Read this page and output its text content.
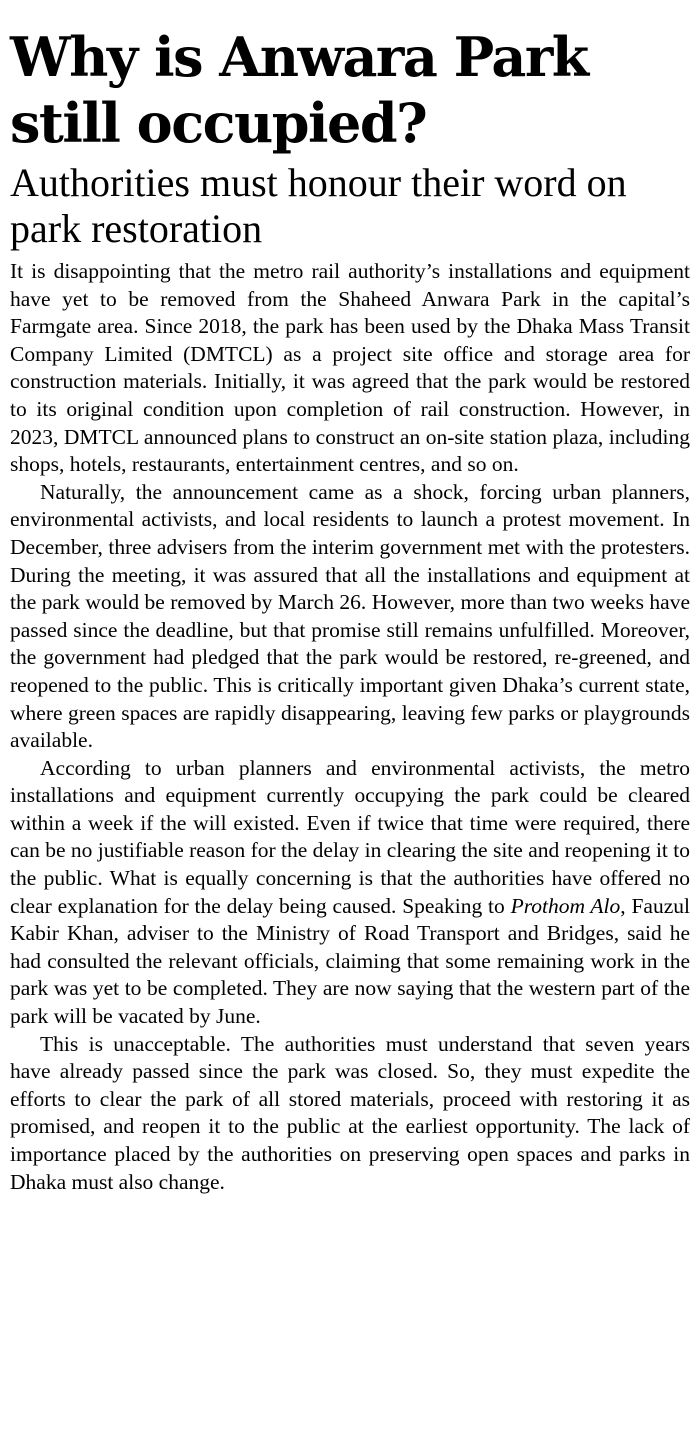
Why is Anwara Park still occupied?
Authorities must honour their word on park restoration

It is disappointing that the metro rail authority’s installations and equipment have yet to be removed from the Shaheed Anwara Park in the capital’s Farmgate area. Since 2018, the park has been used by the Dhaka Mass Transit Company Limited (DMTCL) as a project site office and storage area for construction materials. Initially, it was agreed that the park would be restored to its original condition upon completion of rail construction. However, in 2023, DMTCL announced plans to construct an on-site station plaza, including shops, hotels, restaurants, entertainment centres, and so on.

Naturally, the announcement came as a shock, forcing urban planners, environmental activists, and local residents to launch a protest movement. In December, three advisers from the interim government met with the protesters. During the meeting, it was assured that all the installations and equipment at the park would be removed by March 26. However, more than two weeks have passed since the deadline, but that promise still remains unfulfilled. Moreover, the government had pledged that the park would be restored, re-greened, and reopened to the public. This is critically important given Dhaka’s current state, where green spaces are rapidly disappearing, leaving few parks or playgrounds available.

According to urban planners and environmental activists, the metro installations and equipment currently occupying the park could be cleared within a week if the will existed. Even if twice that time were required, there can be no justifiable reason for the delay in clearing the site and reopening it to the public. What is equally concerning is that the authorities have offered no clear explanation for the delay being caused. Speaking to Prothom Alo, Fauzul Kabir Khan, adviser to the Ministry of Road Transport and Bridges, said he had consulted the relevant officials, claiming that some remaining work in the park was yet to be completed. They are now saying that the western part of the park will be vacated by June.

This is unacceptable. The authorities must understand that seven years have already passed since the park was closed. So, they must expedite the efforts to clear the park of all stored materials, proceed with restoring it as promised, and reopen it to the public at the earliest opportunity. The lack of importance placed by the authorities on preserving open spaces and parks in Dhaka must also change.
